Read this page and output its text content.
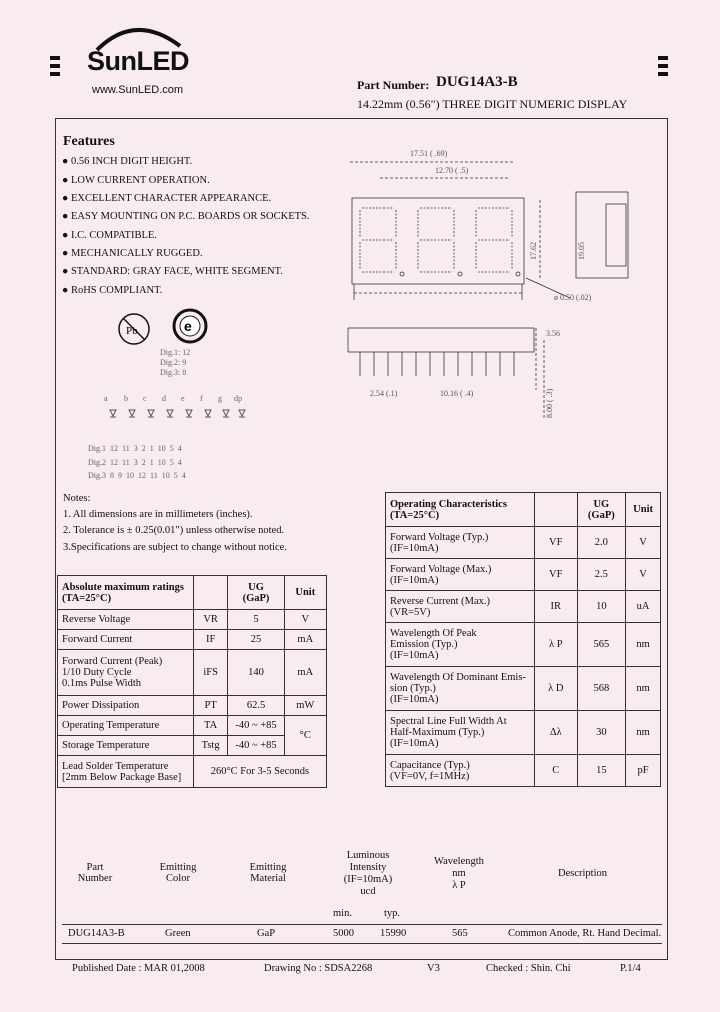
SunLED
www.SunLED.com	Part Number: DUG14A3-B
14.22mm (0.56") THREE DIGIT NUMERIC DISPLAY
Features
● 0.56 INCH DIGIT HEIGHT.
● LOW CURRENT OPERATION.
● EXCELLENT CHARACTER APPEARANCE.
● EASY MOUNTING ON P.C. BOARDS OR SOCKETS.
● I.C. COMPATIBLE.
● MECHANICALLY RUGGED.
● STANDARD: GRAY FACE, WHITE SEGMENT.
● RoHS COMPLIANT.
Pb	e
Dig.1: 12
Dig.2: 9
Dig.3: 8
a b c d e f g dp
Dig.1 12 11 3 2 1 10 5 4
Dig.2 12 11 3 2 1 10 5 4
Dig.3 8 9 10 12 11 10 5 4
17.51 ( .69)
12.70 ( .5)
19.05
17.62
ø 0.50 (.02)
2.54 (.1)	10.16 ( .4)	8.00 ( .3)
3.56
Notes:
1. All dimensions are in millimeters (inches).
2. Tolerance is ± 0.25(0.01") unless otherwise noted.
3.Specifications are subject to change without notice.
Absolute maximum ratings
(TA=25°C)		UG
(GaP)	Unit
Reverse Voltage	VR	5	V
Forward Current	IF	25	mA
Forward Current (Peak)
1/10 Duty Cycle
0.1ms Pulse Width	iFS	140	mA
Power Dissipation	PT	62.5	mW
Operating Temperature	TA	-40 ~ +85	°C
Storage Temperature	Tstg	-40 ~ +85	
Lead Solder Temperature
[2mm Below Package Base]	260°C For 3-5 Seconds		
Operating Characteristics
(TA=25°C)		UG
(GaP)	Unit
Forward Voltage (Typ.)
(IF=10mA)	VF	2.0	V
Forward Voltage (Max.)
(IF=10mA)	VF	2.5	V
Reverse Current (Max.)
(VR=5V)	IR	10	uA
Wavelength Of Peak
Emission (Typ.)
(IF=10mA)	λ P	565	nm
Wavelength Of Dominant Emis-
sion (Typ.)
(IF=10mA)	λ D	568	nm
Spectral Line Full Width At
Half-Maximum (Typ.)
(IF=10mA)	Δλ	30	nm
Capacitance (Typ.)
(VF=0V, f=1MHz)	C	15	pF
Part
Number
Emitting
Color
Emitting
Material
Luminous
Intensity
(IF=10mA)
ucd
Wavelength
nm
λ P
Description
min.	typ.
DUG14A3-B	Green	GaP	5000 15990	565	Common Anode, Rt. Hand Decimal.
Published Date : MAR 01,2008	Drawing No : SDSA2268	V3	Checked : Shin. Chi	P.1/4
